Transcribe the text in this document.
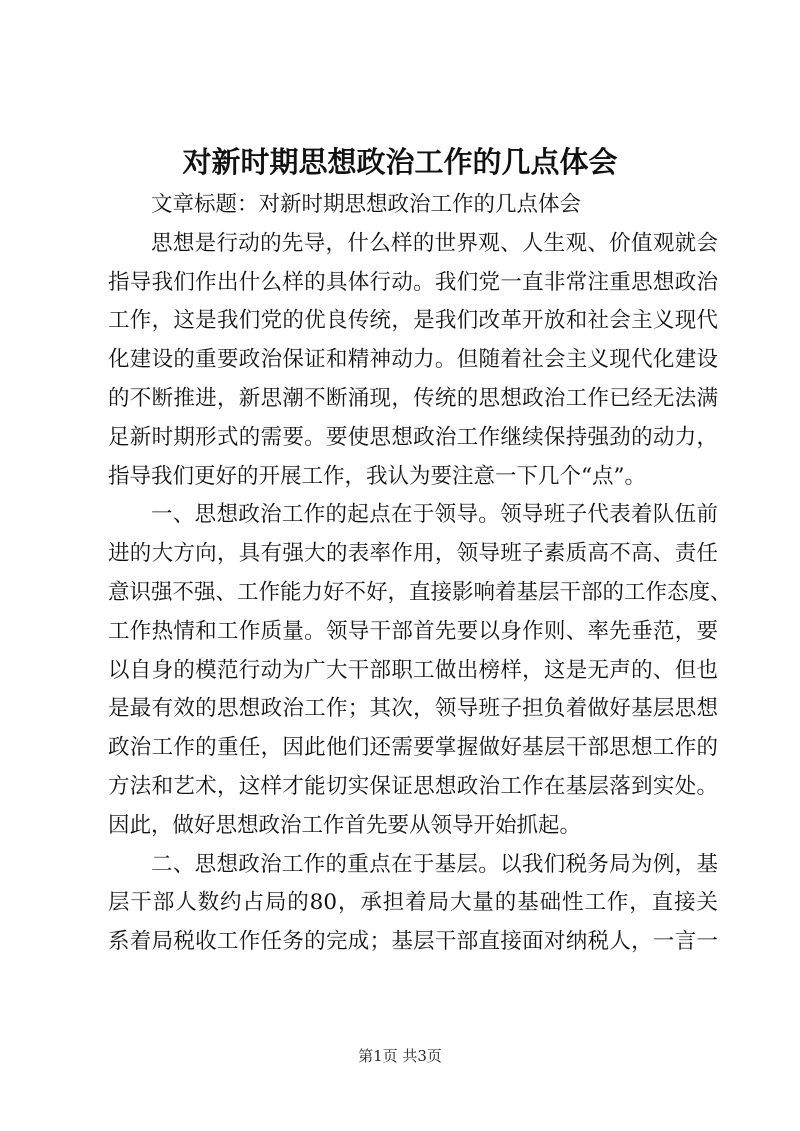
对新时期思想政治工作的几点体会
文章标题：对新时期思想政治工作的几点体会
思想是行动的先导，什么样的世界观、人生观、价值观就会
指导我们作出什么样的具体行动。我们党一直非常注重思想政治
工作，这是我们党的优良传统，是我们改革开放和社会主义现代
化建设的重要政治保证和精神动力。但随着社会主义现代化建设
的不断推进，新思潮不断涌现，传统的思想政治工作已经无法满
足新时期形式的需要。要使思想政治工作继续保持强劲的动力，
指导我们更好的开展工作，我认为要注意一下几个“点”。
一、思想政治工作的起点在于领导。领导班子代表着队伍前
进的大方向，具有强大的表率作用，领导班子素质高不高、责任
意识强不强、工作能力好不好，直接影响着基层干部的工作态度、
工作热情和工作质量。领导干部首先要以身作则、率先垂范，要
以自身的模范行动为广大干部职工做出榜样，这是无声的、但也
是最有效的思想政治工作；其次，领导班子担负着做好基层思想
政治工作的重任，因此他们还需要掌握做好基层干部思想工作的
方法和艺术，这样才能切实保证思想政治工作在基层落到实处。
因此，做好思想政治工作首先要从领导开始抓起。
二、思想政治工作的重点在于基层。以我们税务局为例，基
层干部人数约占局的80，承担着局大量的基础性工作，直接关
系着局税收工作任务的完成；基层干部直接面对纳税人，一言一
第1页 共3页
